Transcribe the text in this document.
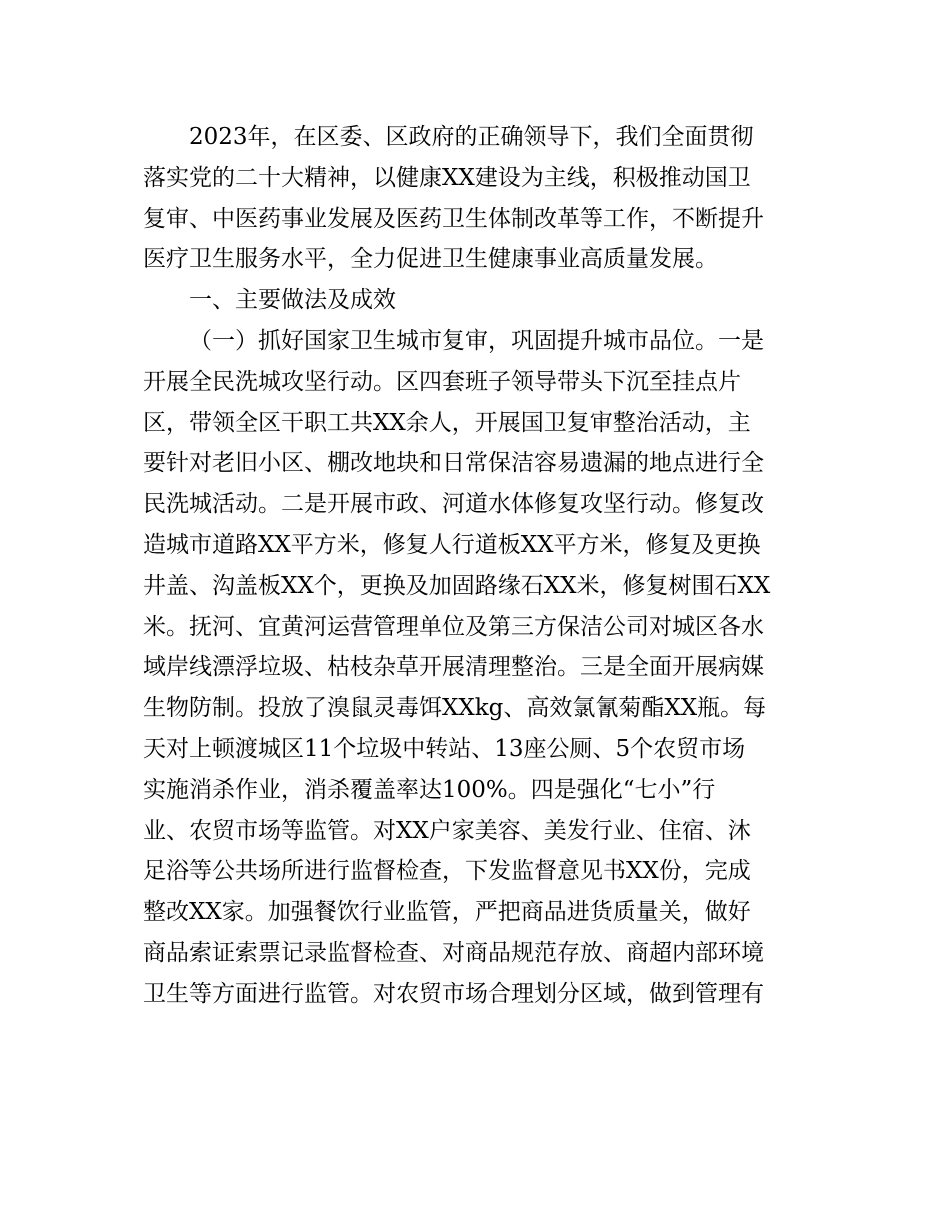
2023年，在区委、区政府的正确领导下，我们全面贯彻
落实党的二十大精神，以健康XX建设为主线，积极推动国卫
复审、中医药事业发展及医药卫生体制改革等工作，不断提升
医疗卫生服务水平，全力促进卫生健康事业高质量发展。
一、主要做法及成效
（一）抓好国家卫生城市复审，巩固提升城市品位。一是
开展全民洗城攻坚行动。区四套班子领导带头下沉至挂点片
区，带领全区干职工共XX余人，开展国卫复审整治活动，主
要针对老旧小区、棚改地块和日常保洁容易遗漏的地点进行全
民洗城活动。二是开展市政、河道水体修复攻坚行动。修复改
造城市道路XX平方米，修复人行道板XX平方米，修复及更换
井盖、沟盖板XX个，更换及加固路缘石XX米，修复树围石XX
米。抚河、宜黄河运营管理单位及第三方保洁公司对城区各水
域岸线漂浮垃圾、枯枝杂草开展清理整治。三是全面开展病媒
生物防制。投放了溴鼠灵毒饵XXkg、高效氯氰菊酯XX瓶。每
天对上顿渡城区11个垃圾中转站、13座公厕、5个农贸市场
实施消杀作业，消杀覆盖率达100%。四是强化“七小”行
业、农贸市场等监管。对XX户家美容、美发行业、住宿、沐
足浴等公共场所进行监督检查，下发监督意见书XX份，完成
整改XX家。加强餐饮行业监管，严把商品进货质量关，做好
商品索证索票记录监督检查、对商品规范存放、商超内部环境
卫生等方面进行监管。对农贸市场合理划分区域，做到管理有
